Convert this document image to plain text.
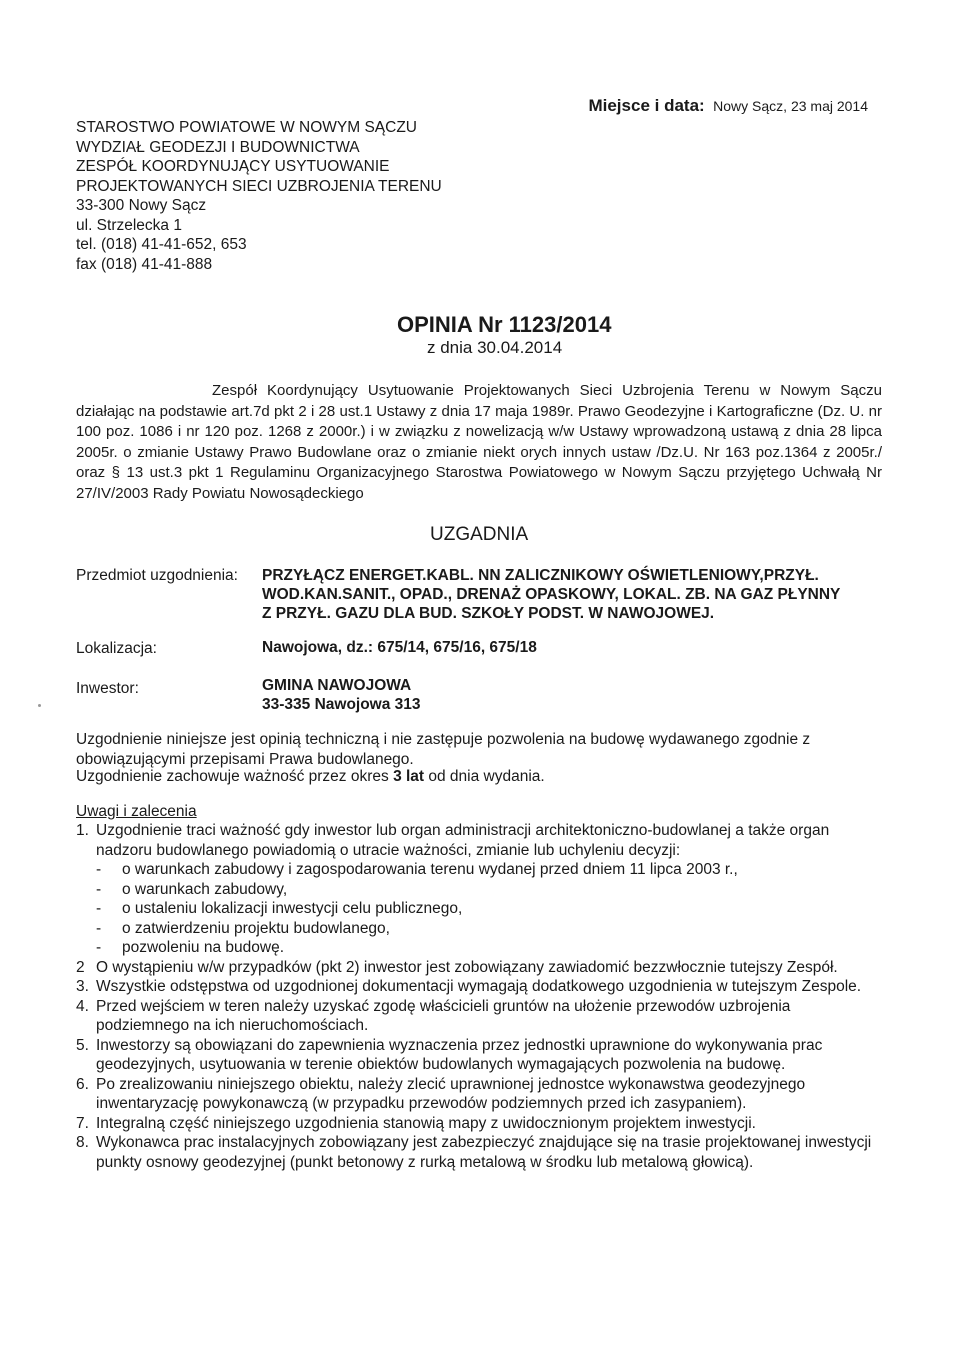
Miejsce i data: Nowy Sącz, 23 maj 2014
STAROSTWO POWIATOWE W NOWYM SĄCZU
WYDZIAŁ GEODEZJI I BUDOWNICTWA
ZESPÓŁ KOORDYNUJĄCY USYTUOWANIE
PROJEKTOWANYCH SIECI UZBROJENIA TERENU
33-300 Nowy Sącz
ul. Strzelecka 1
tel. (018) 41-41-652, 653
fax (018) 41-41-888
OPINIA Nr 1123/2014
z dnia 30.04.2014
Zespół Koordynujący Usytuowanie Projektowanych Sieci Uzbrojenia Terenu w Nowym Sączu działając na podstawie art.7d pkt 2 i 28 ust.1 Ustawy z dnia 17 maja 1989r. Prawo Geodezyjne i Kartograficzne (Dz. U. nr 100 poz. 1086 i nr 120 poz. 1268 z 2000r.) i w związku z nowelizacją w/w Ustawy wprowadzoną ustawą z dnia 28 lipca 2005r. o zmianie Ustawy Prawo Budowlane oraz o zmianie niekt orych innych ustaw /Dz.U. Nr 163 poz.1364 z 2005r./ oraz § 13 ust.3 pkt 1 Regulaminu Organizacyjnego Starostwa Powiatowego w Nowym Sączu przyjętego Uchwałą Nr 27/IV/2003 Rady Powiatu Nowosądeckiego
UZGADNIA
Przedmiot uzgodnienia: PRZYŁĄCZ ENERGET.KABL. NN ZALICZNIKOWY OŚWIETLENIOWY,PRZYŁ.
WOD.KAN.SANIT., OPAD., DRENAŻ OPASKOWY, LOKAL. ZB. NA GAZ PŁYNNY
Z PRZYŁ. GAZU DLA BUD. SZKOŁY PODST. W NAWOJOWEJ.
Lokalizacja:	Nawojowa, dz.: 675/14, 675/16, 675/18
Inwestor:	GMINA NAWOJOWA
33-335 Nawojowa 313
Uzgodnienie niniejsze jest opinią techniczną i nie zastępuje pozwolenia na budowę wydawanego zgodnie z obowiązującymi przepisami Prawa budowlanego.
Uzgodnienie zachowuje ważność przez okres 3 lat od dnia wydania.
Uwagi i zalecenia
1. Uzgodnienie traci ważność gdy inwestor lub organ administracji architektoniczno-budowlanej a także organ nadzoru budowlanego powiadomią o utracie ważności, zmianie lub uchyleniu decyzji:
- o warunkach zabudowy i zagospodarowania terenu wydanej przed dniem 11 lipca 2003 r.,
- o warunkach zabudowy,
- o ustaleniu lokalizacji inwestycji celu publicznego,
- o zatwierdzeniu projektu budowlanego,
- pozwoleniu na budowę.
2 O wystąpieniu w/w przypadków (pkt 2) inwestor jest zobowiązany zawiadomić bezzwłocznie tutejszy Zespół.
3. Wszystkie odstępstwa od uzgodnionej dokumentacji wymagają dodatkowego uzgodnienia w tutejszym Zespole.
4. Przed wejściem w teren należy uzyskać zgodę właścicieli gruntów na ułożenie przewodów uzbrojenia podziemnego na ich nieruchomościach.
5. Inwestorzy są obowiązani do zapewnienia wyznaczenia przez jednostki uprawnione do wykonywania prac geodezyjnych, usytuowania w terenie obiektów budowlanych wymagających pozwolenia na budowę.
6. Po zrealizowaniu niniejszego obiektu, należy zlecić uprawnionej jednostce wykonawstwa geodezyjnego inwentaryzację powykonawczą (w przypadku przewodów podziemnych przed ich zasypaniem).
7. Integralną część niniejszego uzgodnienia stanowią mapy z uwidocznionym projektem inwestycji.
8. Wykonawca prac instalacyjnych zobowiązany jest zabezpieczyć znajdujące się na trasie projektowanej inwestycji punkty osnowy geodezyjnej (punkt betonowy z rurką metalową w środku lub metalową głowicą).
